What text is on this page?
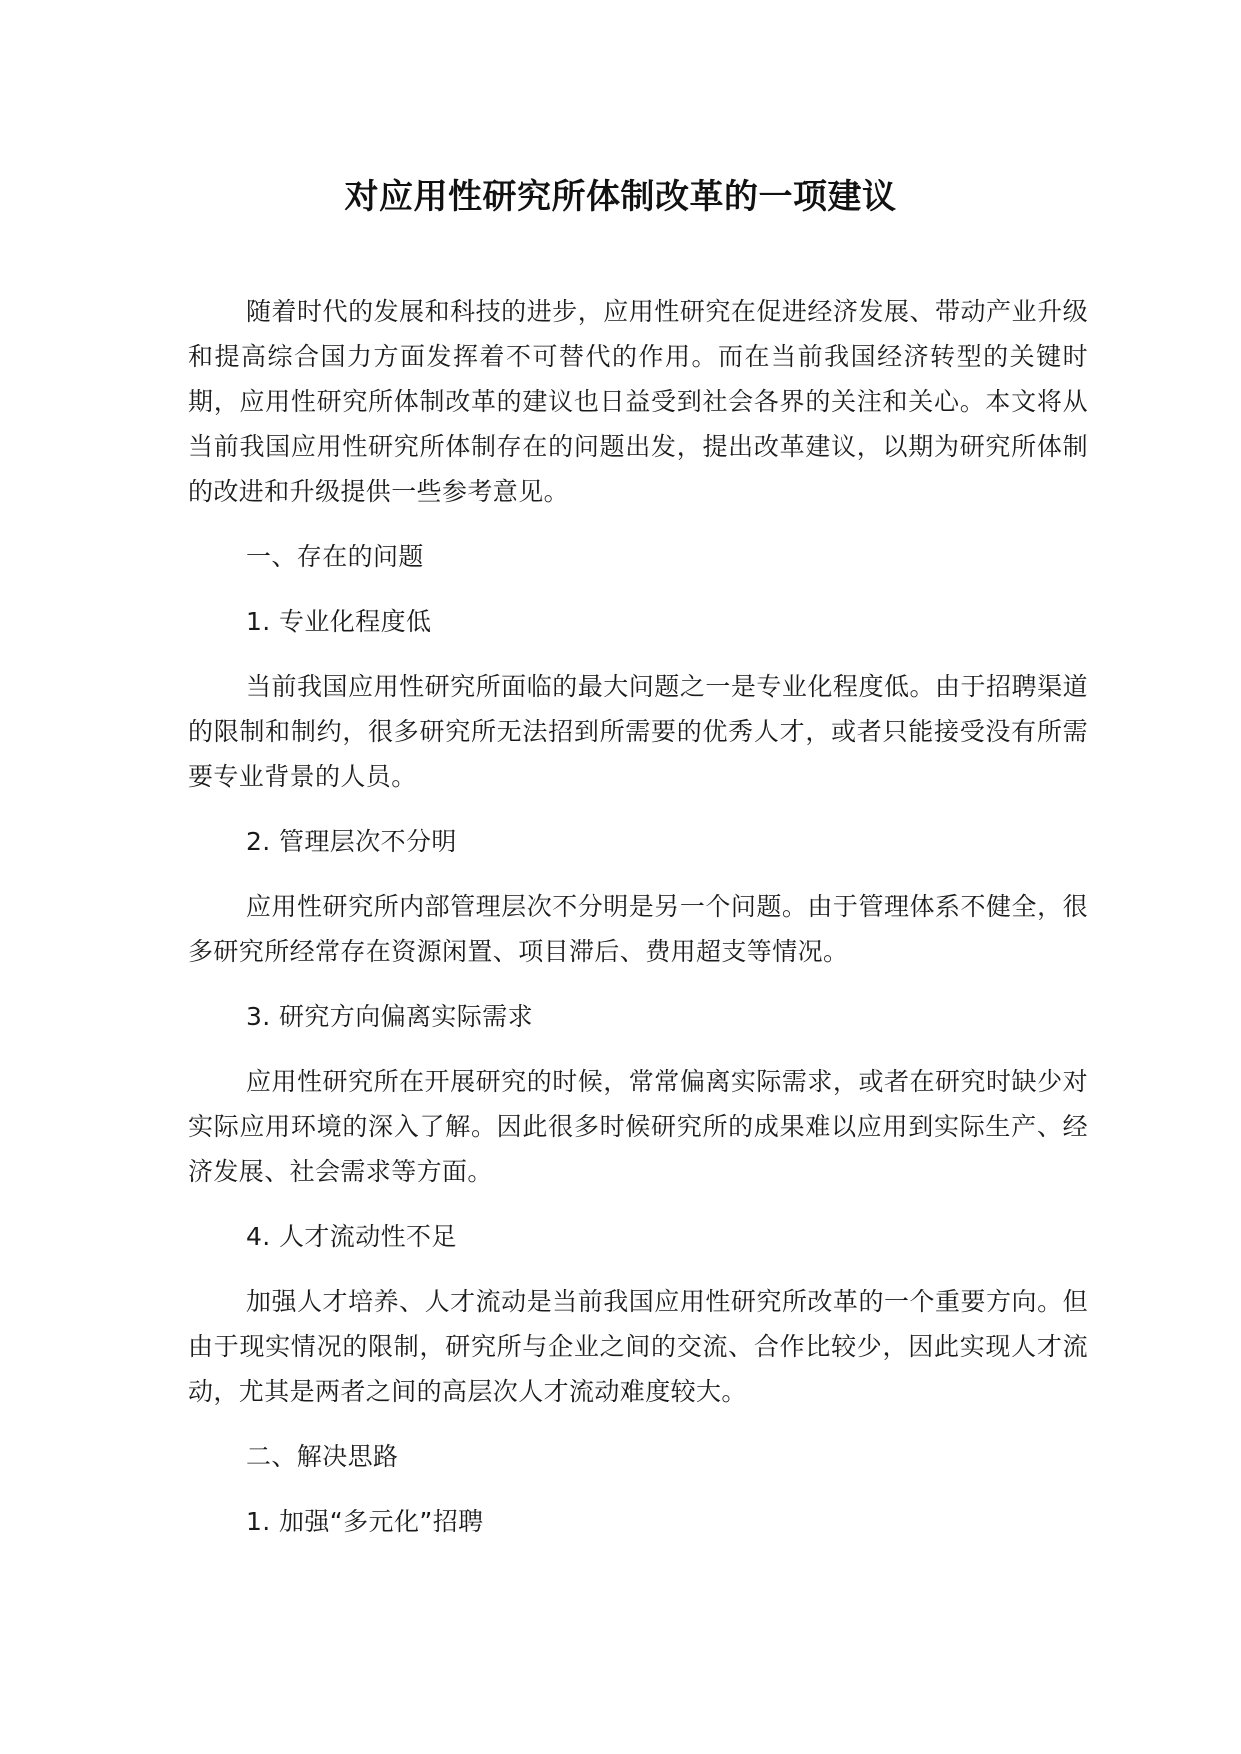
对应用性研究所体制改革的一项建议

随着时代的发展和科技的进步，应用性研究在促进经济发展、带动产业升级和提高综合国力方面发挥着不可替代的作用。而在当前我国经济转型的关键时期，应用性研究所体制改革的建议也日益受到社会各界的关注和关心。本文将从当前我国应用性研究所体制存在的问题出发，提出改革建议，以期为研究所体制的改进和升级提供一些参考意见。

一、存在的问题

1. 专业化程度低

当前我国应用性研究所面临的最大问题之一是专业化程度低。由于招聘渠道的限制和制约，很多研究所无法招到所需要的优秀人才，或者只能接受没有所需要专业背景的人员。

2. 管理层次不分明

应用性研究所内部管理层次不分明是另一个问题。由于管理体系不健全，很多研究所经常存在资源闲置、项目滞后、费用超支等情况。

3. 研究方向偏离实际需求

应用性研究所在开展研究的时候，常常偏离实际需求，或者在研究时缺少对实际应用环境的深入了解。因此很多时候研究所的成果难以应用到实际生产、经济发展、社会需求等方面。

4. 人才流动性不足

加强人才培养、人才流动是当前我国应用性研究所改革的一个重要方向。但由于现实情况的限制，研究所与企业之间的交流、合作比较少，因此实现人才流动，尤其是两者之间的高层次人才流动难度较大。

二、解决思路

1. 加强“多元化”招聘
